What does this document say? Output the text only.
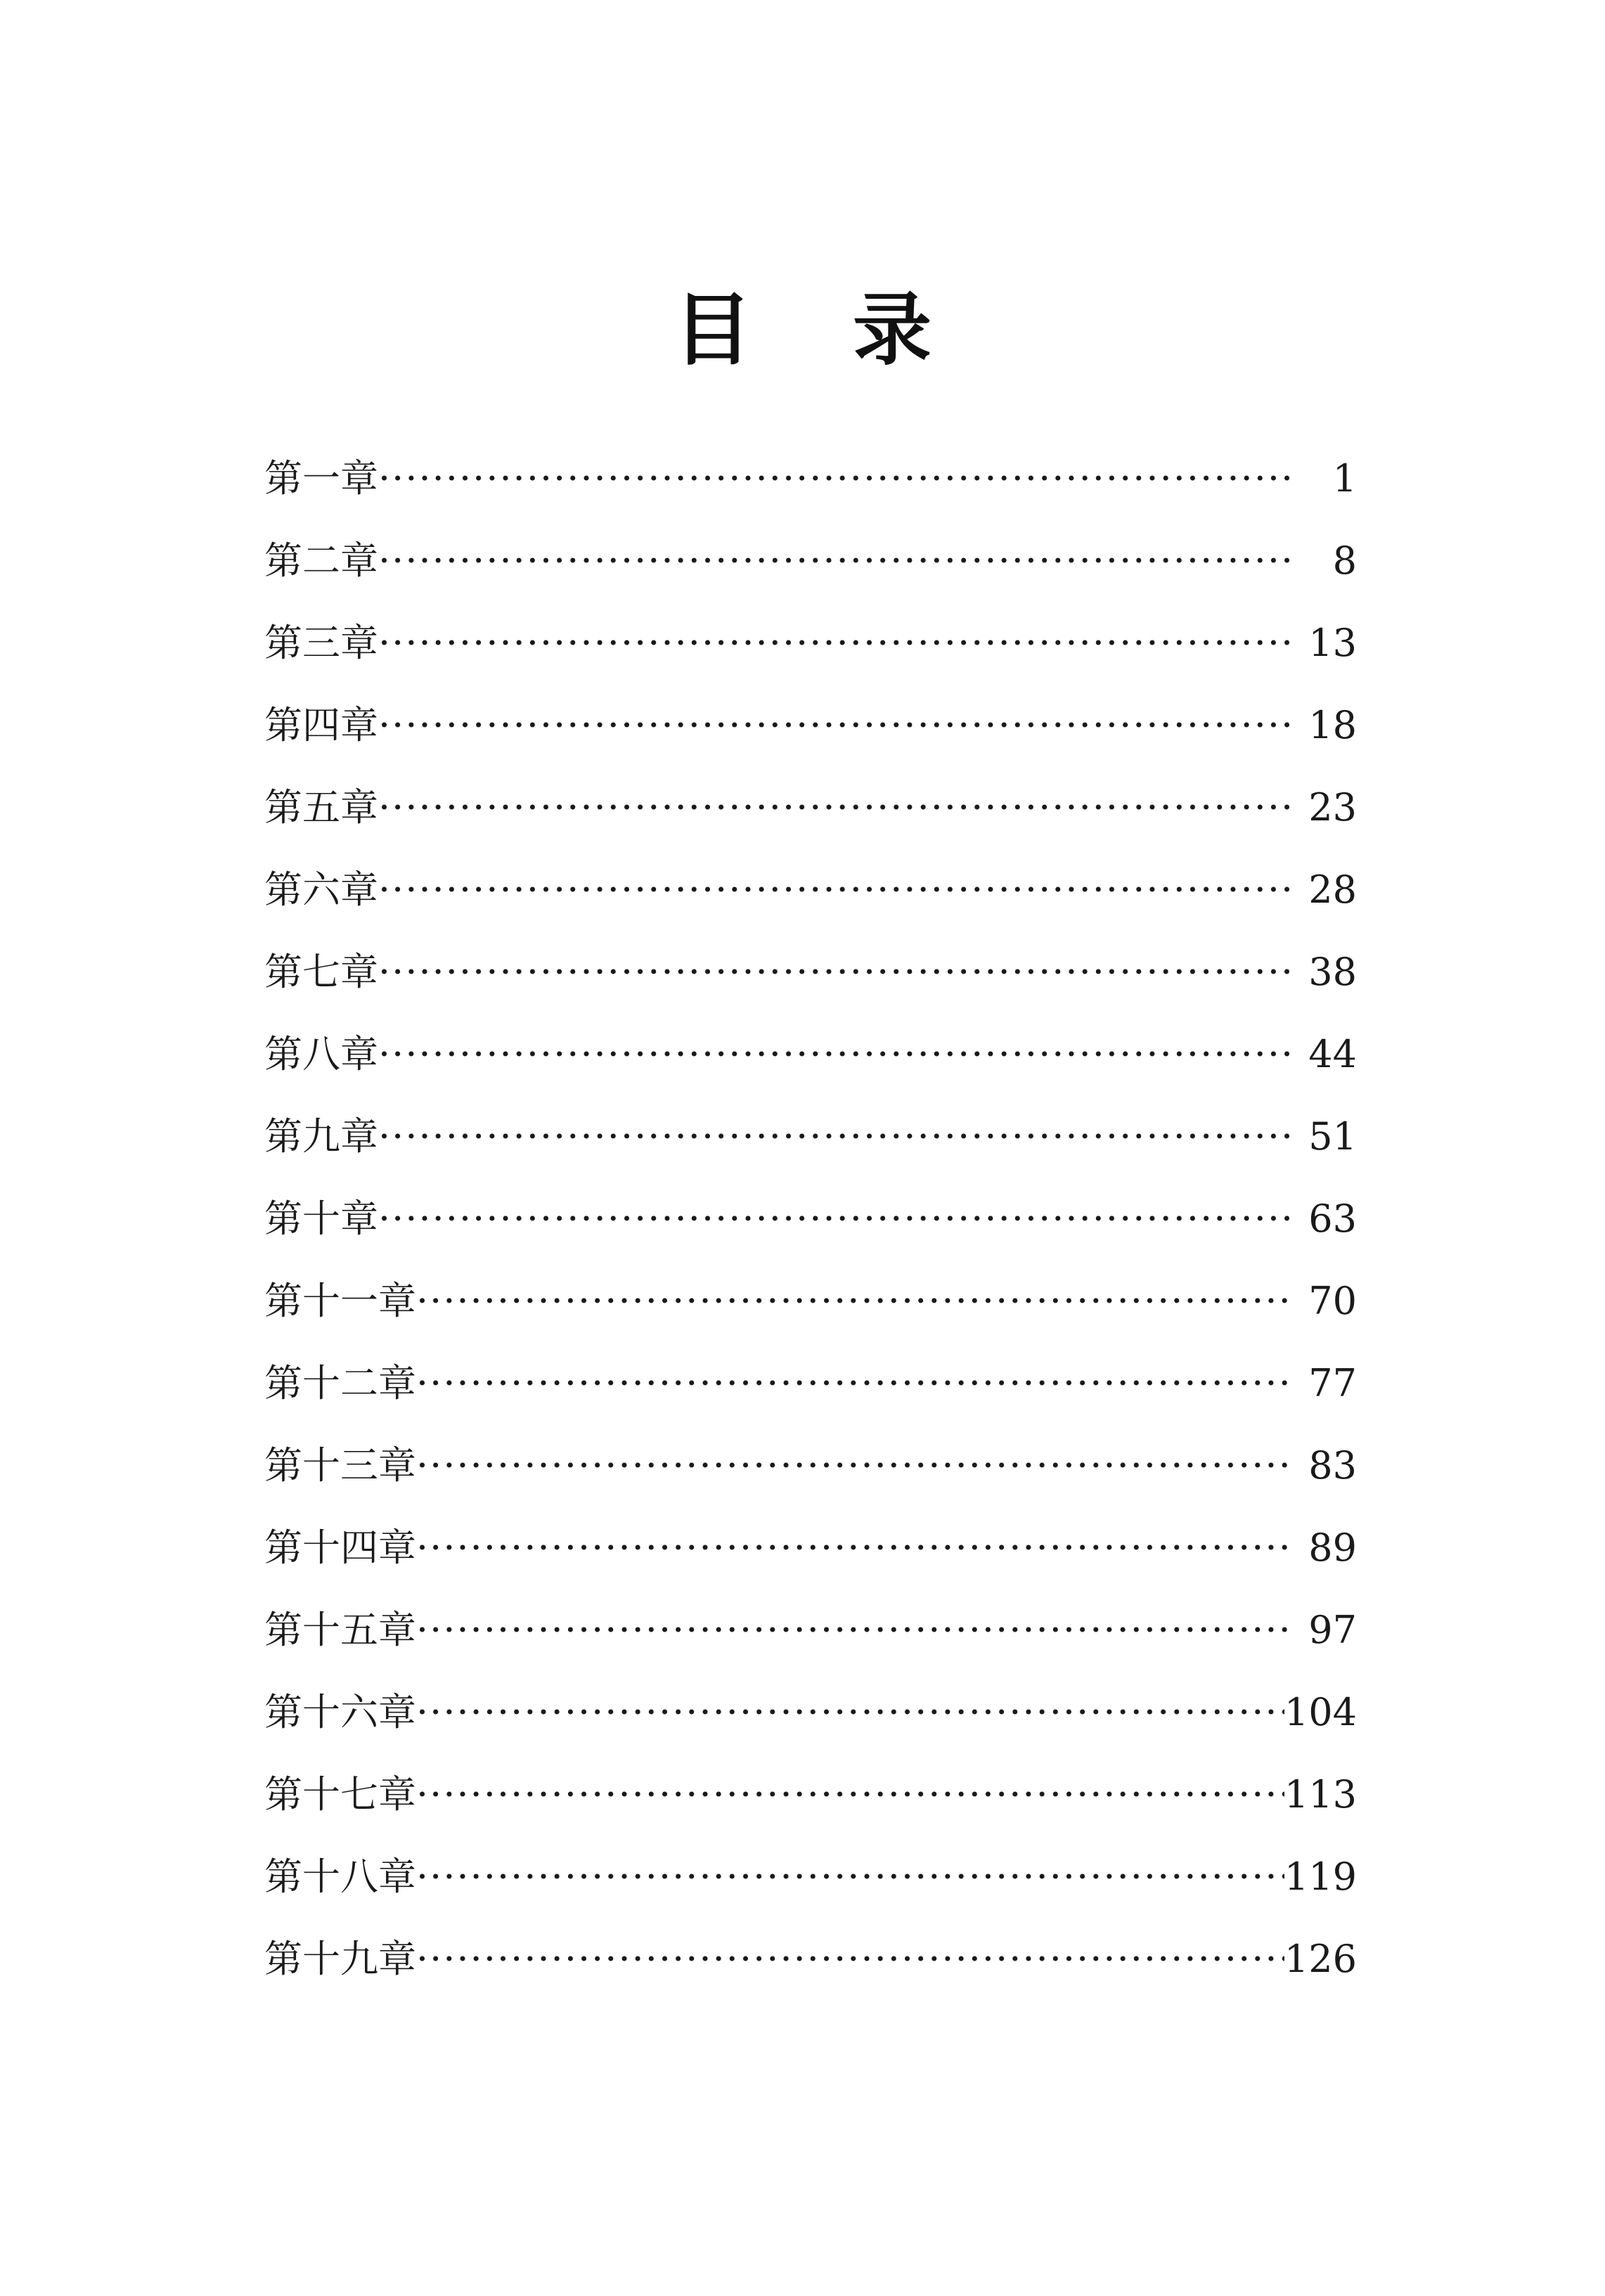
目 录
第一章 ·····	1
第二章 ·····	8
第三章 ·····	13
第四章 ·····	18
第五章 ·····	23
第六章 ·····	28
第七章 ·····	38
第八章 ·····	44
第九章 ·····	51
第十章 ·····	63
第十一章 ·····	70
第十二章 ·····	77
第十三章 ·····	83
第十四章 ·····	89
第十五章 ·····	97
第十六章 ·····	104
第十七章 ·····	113
第十八章 ·····	119
第十九章 ·····	126
